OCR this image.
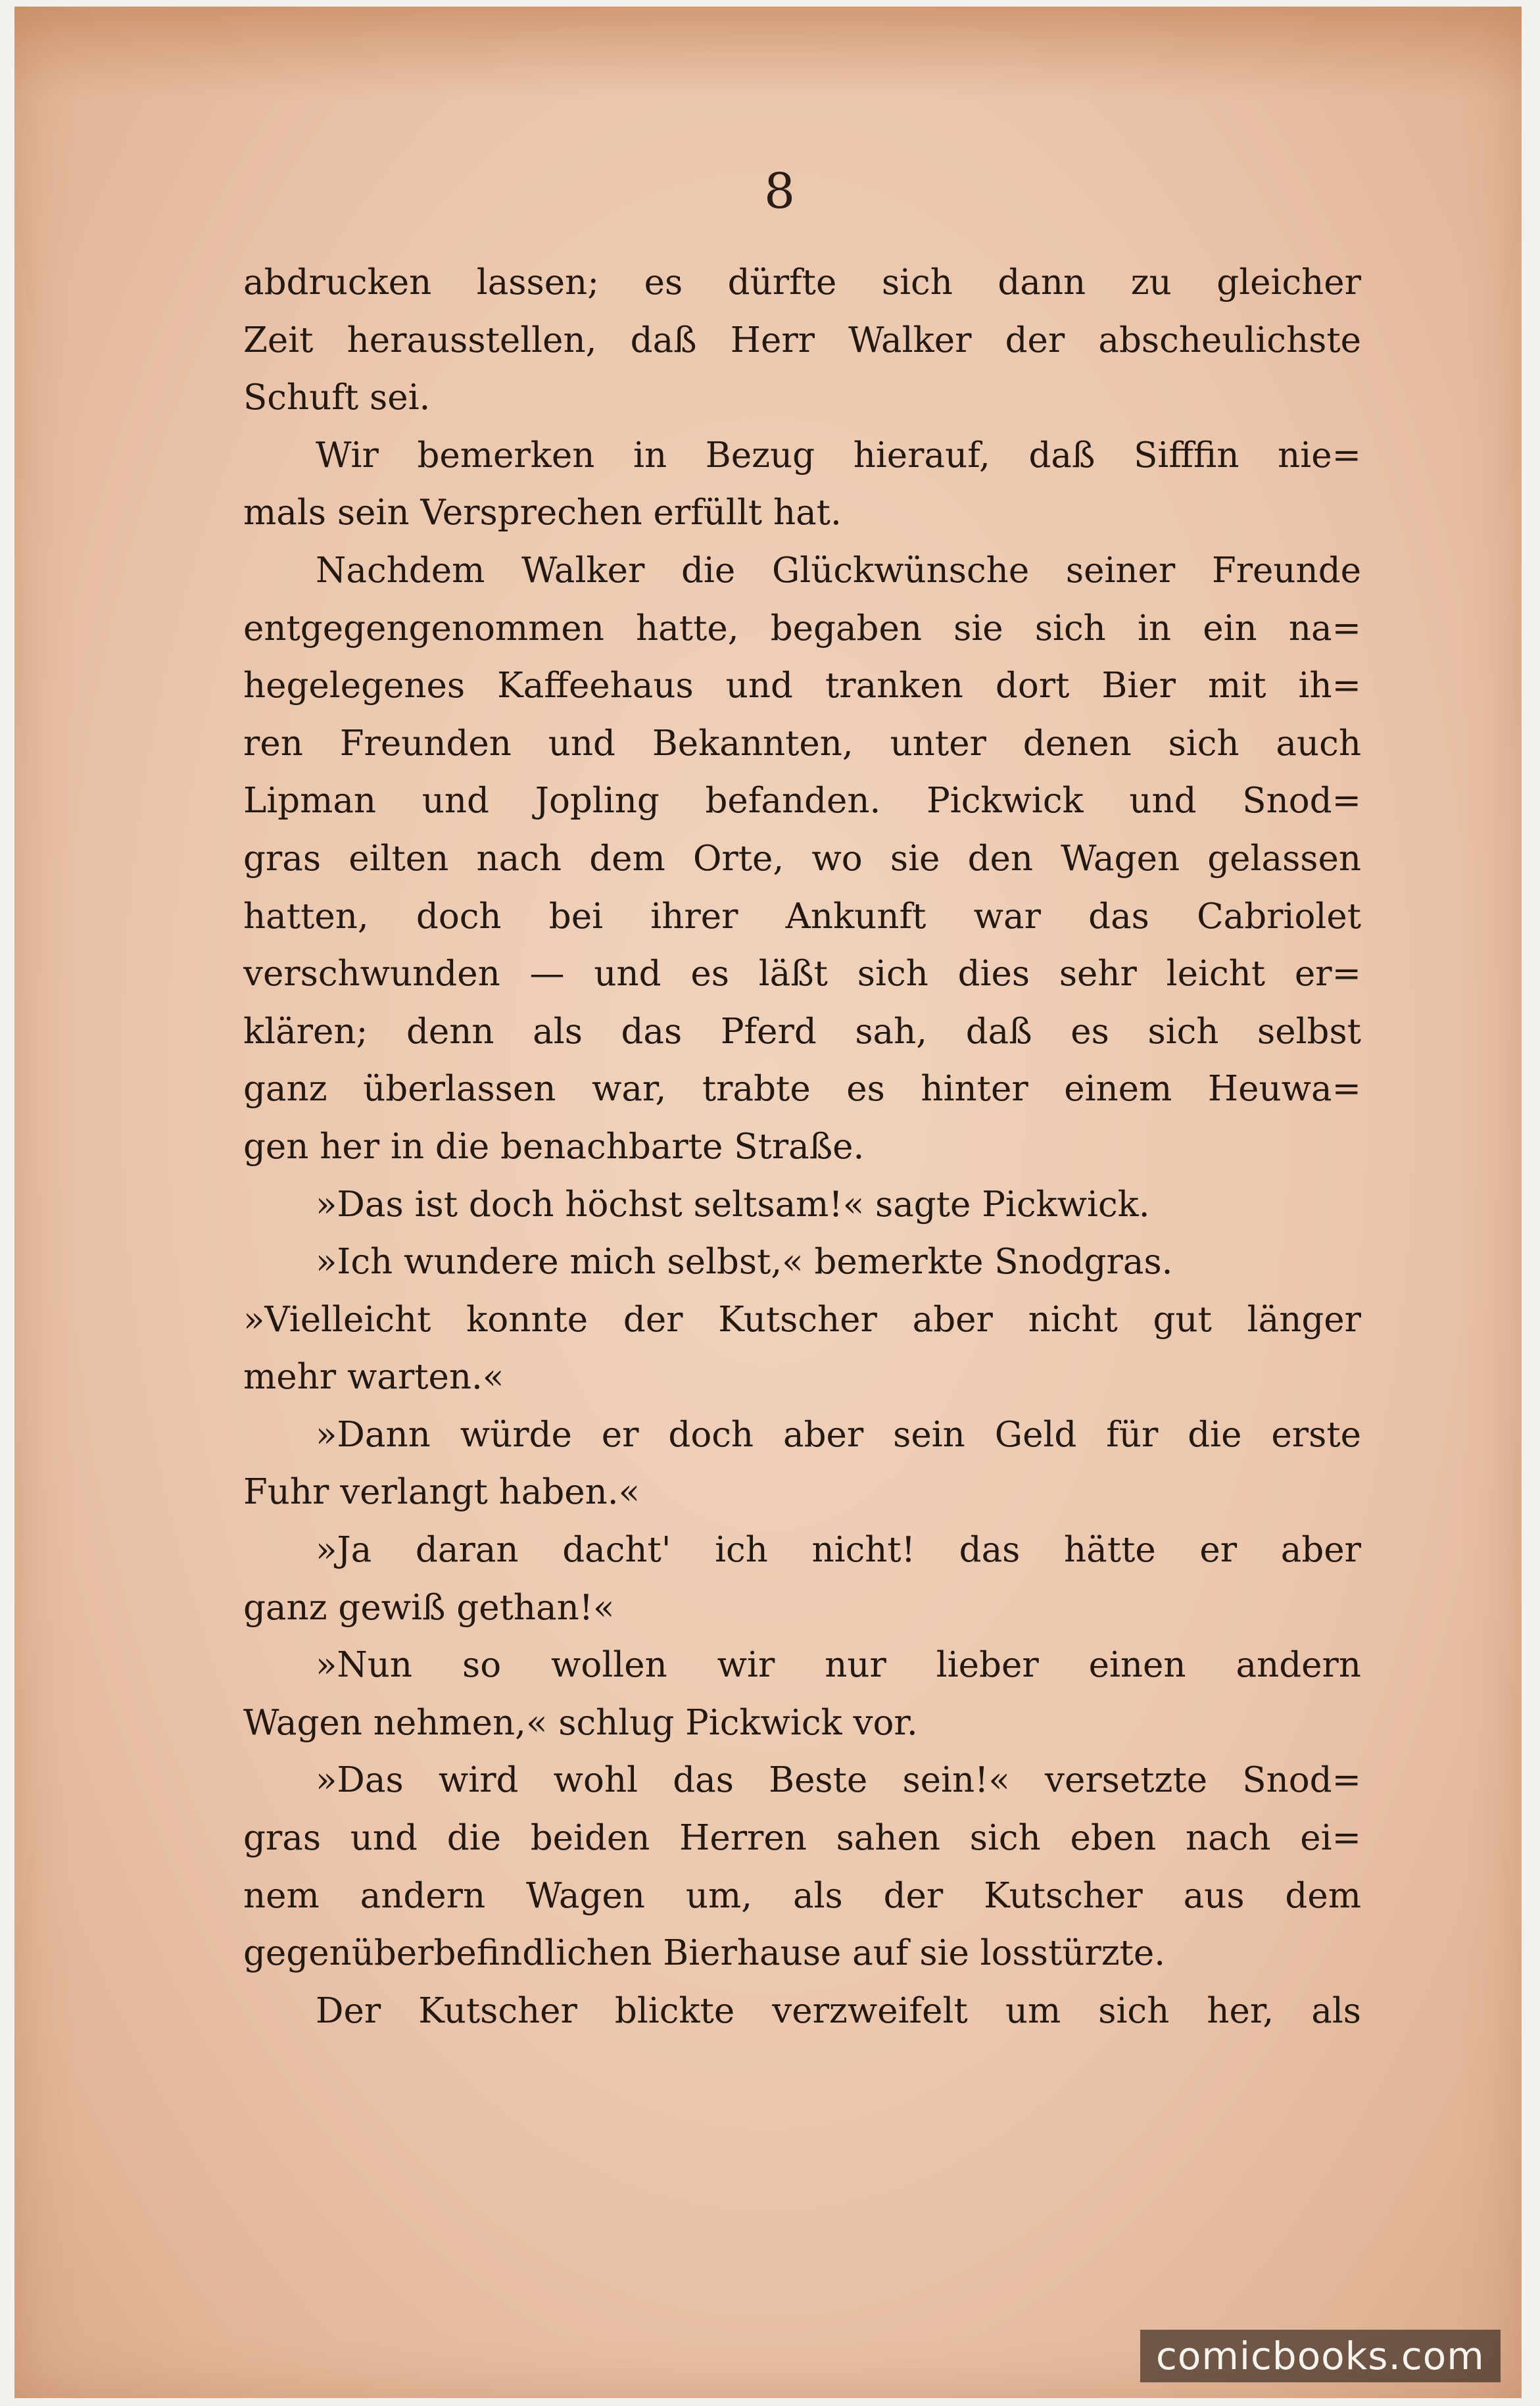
8
abdrucken lassen; es dürfte sich dann zu gleicher
Zeit herausstellen, daß Herr Walker der abscheulichste
Schuft sei.
Wir bemerken in Bezug hierauf, daß Sifffin nie=
mals sein Versprechen erfüllt hat.
Nachdem Walker die Glückwünsche seiner Freunde
entgegengenommen hatte, begaben sie sich in ein na=
hegelegenes Kaffeehaus und tranken dort Bier mit ih=
ren Freunden und Bekannten, unter denen sich auch
Lipman und Jopling befanden. Pickwick und Snod=
gras eilten nach dem Orte, wo sie den Wagen gelassen
hatten, doch bei ihrer Ankunft war das Cabriolet
verschwunden — und es läßt sich dies sehr leicht er=
klären; denn als das Pferd sah, daß es sich selbst
ganz überlassen war, trabte es hinter einem Heuwa=
gen her in die benachbarte Straße.
»Das ist doch höchst seltsam!« sagte Pickwick.
»Ich wundere mich selbst,« bemerkte Snodgras.
»Vielleicht konnte der Kutscher aber nicht gut länger
mehr warten.«
»Dann würde er doch aber sein Geld für die erste
Fuhr verlangt haben.«
»Ja daran dacht' ich nicht! das hätte er aber
ganz gewiß gethan!«
»Nun so wollen wir nur lieber einen andern
Wagen nehmen,« schlug Pickwick vor.
»Das wird wohl das Beste sein!« versetzte Snod=
gras und die beiden Herren sahen sich eben nach ei=
nem andern Wagen um, als der Kutscher aus dem
gegenüberbefindlichen Bierhause auf sie losstürzte.
Der Kutscher blickte verzweifelt um sich her, als
comicbooks.com
